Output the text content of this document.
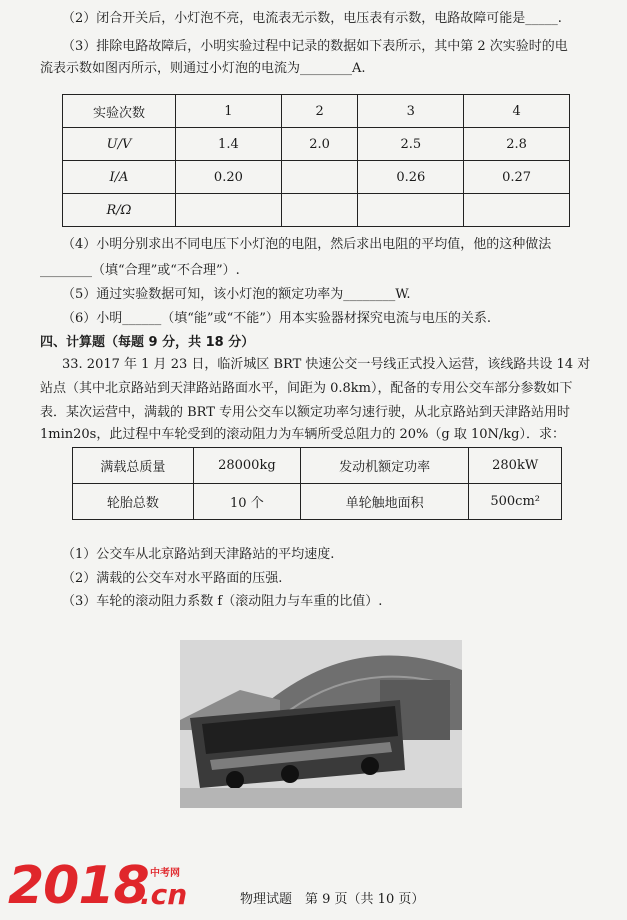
（2）闭合开关后，小灯泡不亮，电流表无示数，电压表有示数，电路故障可能是_____.
（3）排除电路故障后，小明实验过程中记录的数据如下表所示，其中第 2 次实验时的电
流表示数如图丙所示，则通过小灯泡的电流为________A.
实验次数	1	2	3	4
U/V	1.4	2.0	2.5	2.8
I/A	0.20		0.26	0.27
R/Ω				
（4）小明分别求出不同电压下小灯泡的电阻，然后求出电阻的平均值，他的这种做法
________（填“合理”或“不合理”）.
（5）通过实验数据可知，该小灯泡的额定功率为________W.
（6）小明______（填“能”或“不能”）用本实验器材探究电流与电压的关系.
四、计算题（每题 9 分，共 18 分）
33. 2017 年 1 月 23 日，临沂城区 BRT 快速公交一号线正式投入运营，该线路共设 14 对
站点（其中北京路站到天津路站路面水平，间距为 0.8km），配备的专用公交车部分参数如下
表．某次运营中，满载的 BRT 专用公交车以额定功率匀速行驶，从北京路站到天津路站用时
1min20s，此过程中车轮受到的滚动阻力为车辆所受总阻力的 20%（g 取 10N/kg）．求：
满载总质量	28000kg	发动机额定功率	280kW
轮胎总数	10 个	单轮触地面积	500cm²
（1）公交车从北京路站到天津路站的平均速度.
（2）满载的公交车对水平路面的压强.
（3）车轮的滚动阻力系数 f（滚动阻力与车重的比值）.
2018 中考网
.cn	物理试题　第 9 页（共 10 页）
